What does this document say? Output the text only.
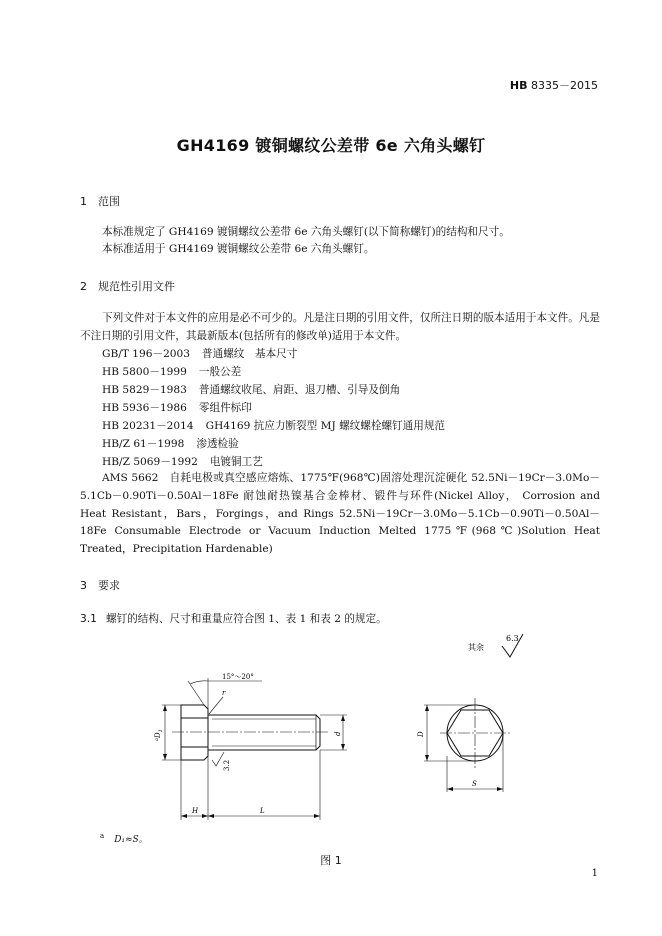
HB 8335－2015
GH4169 镀铜螺纹公差带 6e 六角头螺钉
1 范围
本标准规定了 GH4169 镀铜螺纹公差带 6e 六角头螺钉(以下简称螺钉)的结构和尺寸。
本标准适用于 GH4169 镀铜螺纹公差带 6e 六角头螺钉。
2 规范性引用文件
下列文件对于本文件的应用是必不可少的。凡是注日期的引用文件，仅所注日期的版本适用于本文件。凡是不注日期的引用文件，其最新版本(包括所有的修改单)适用于本文件。
GB/T 196－2003 普通螺纹　基本尺寸
HB 5800－1999 一般公差
HB 5829－1983 普通螺纹收尾、肩距、退刀槽、引导及倒角
HB 5936－1986 零组件标印
HB 20231－2014 GH4169 抗应力断裂型 MJ 螺纹螺栓螺钉通用规范
HB/Z 61－1998 渗透检验
HB/Z 5069－1992 电镀铜工艺
AMS 5662　自耗电极或真空感应熔炼、1775℉(968℃)固溶处理沉淀硬化 52.5Ni－19Cr－3.0Mo－5.1Cb－0.90Ti－0.50Al－18Fe 耐蚀耐热镍基合金棒材、锻件与环件(Nickel Alloy， Corrosion and Heat Resistant，Bars，Forgings，and Rings 52.5Ni－19Cr－3.0Mo－5.1Cb－0.90Ti－0.50Al－18Fe Consumable Electrode or Vacuum Induction Melted 1775℉(968℃)Solution Heat Treated，Precipitation Hardenable)
3 要求
3.1 螺钉的结构、尺寸和重量应符合图 1、表 1 和表 2 的规定。
其余
6.3
15°～20°
r
3.2
$^aD_1$
d
H	L
D
S
$^a$ D₁≈S。
图 1
1
